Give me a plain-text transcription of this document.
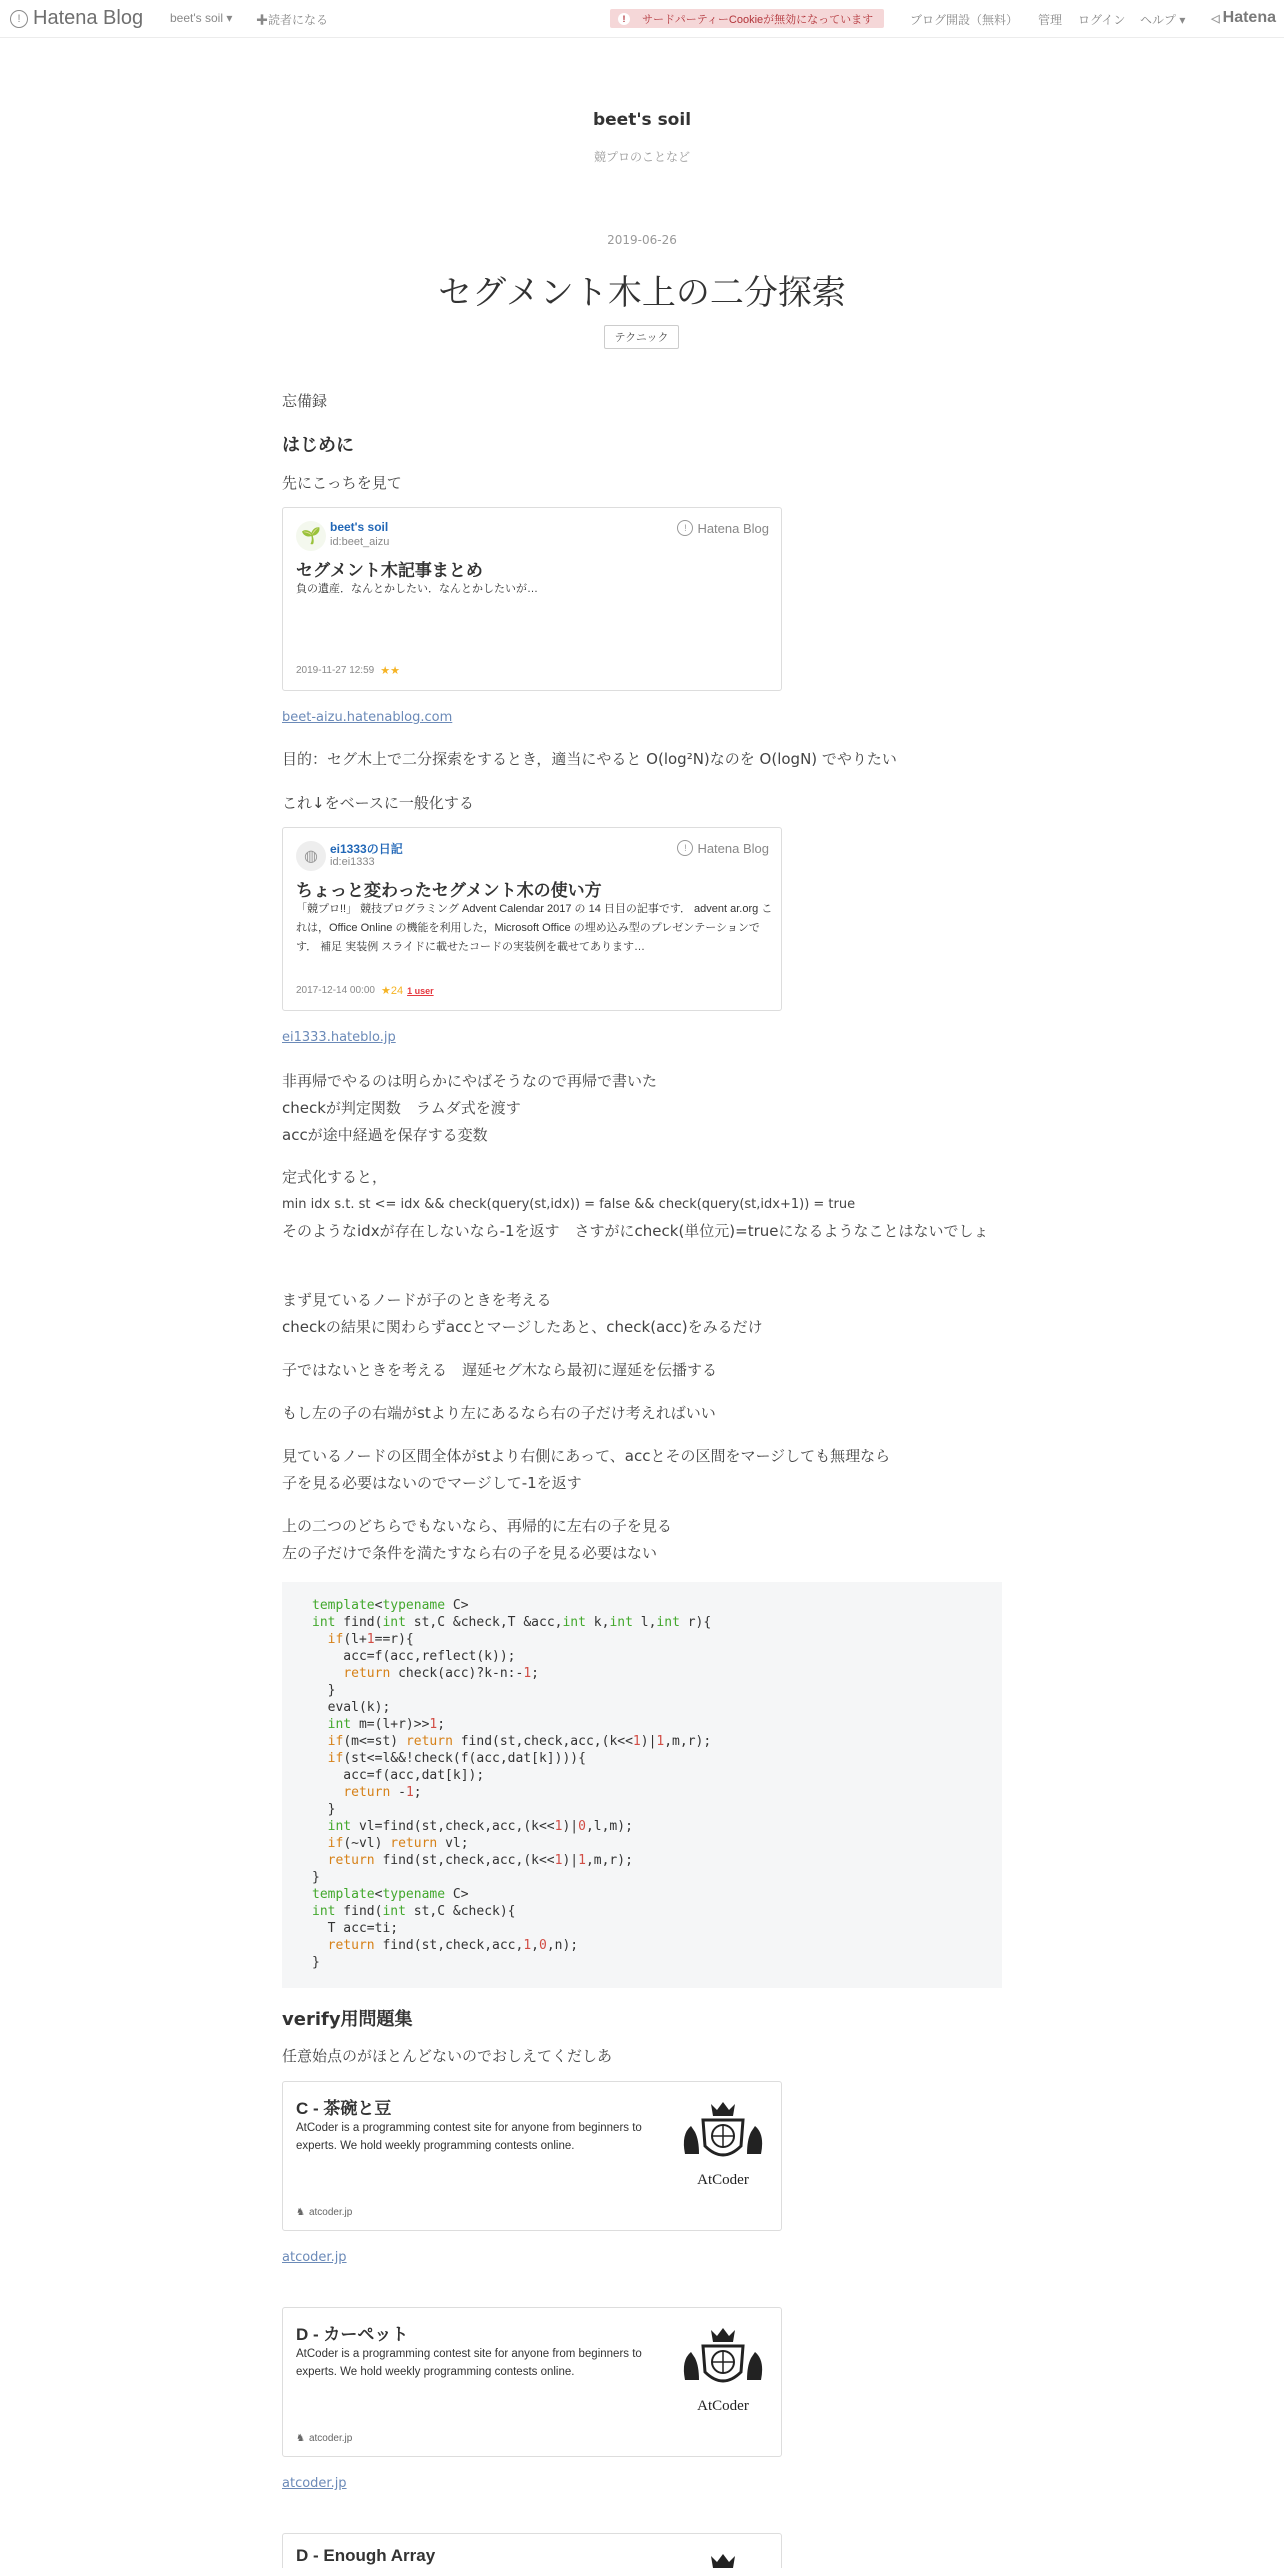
! Hatena Blog beet's soil ▾ ✚読者になる	!	サードパーティーCookieが無効になっています	ブログ開設（無料） 管理 ログイン ヘルプ ▾ ◁ Hatena
beet's soil
競プロのことなど
2019-06-26
セグメント木上の二分探索
テクニック
忘備録
はじめに
先にこっちを見て
🌱
beet's soil
id:beet_aizu
! Hatena Blog
セグメント木記事まとめ
負の遺産．なんとかしたい．なんとかしたいが…
2019-11-27 12:59 ★★
beet-aizu.hatenablog.com
目的：セグ木上で二分探索をするとき，適当にやると O(log²N)なのを O(logN) でやりたい
これ↓をベースに一般化する
◍	ei1333の日記
id:ei1333
! Hatena Blog
ちょっと変わったセグメント木の使い方
「競プロ!!」 競技プログラミング Advent Calendar 2017 の 14 日目の記事です． advent ar.org これは，Office Online の機能を利用した，Microsoft Office の埋め込み型のプレゼンテーションです． 補足 実装例 スライドに載せたコードの実装例を載せてあります…
2017-12-14 00:00 ★24 1 user
ei1333.hateblo.jp
非再帰でやるのは明らかにやばそうなので再帰で書いた
checkが判定関数　ラムダ式を渡す
accが途中経過を保存する変数
定式化すると，
min idx s.t. st <= idx && check(query(st,idx)) = false && check(query(st,idx+1)) = true
そのようなidxが存在しないなら-1を返す　さすがにcheck(単位元)=trueになるようなことはないでしょ
まず見ているノードが子のときを考える
checkの結果に関わらずaccとマージしたあと、check(acc)をみるだけ
子ではないときを考える　遅延セグ木なら最初に遅延を伝播する
もし左の子の右端がstより左にあるなら右の子だけ考えればいい
見ているノードの区間全体がstより右側にあって、accとその区間をマージしても無理なら
子を見る必要はないのでマージして-1を返す
上の二つのどちらでもないなら、再帰的に左右の子を見る
左の子だけで条件を満たすなら右の子を見る必要はない
template<typename C>
int find(int st,C &check,T &acc,int k,int l,int r){
if(l+1==r){
acc=f(acc,reflect(k));
return check(acc)?k-n:-1;
}
eval(k);
int m=(l+r)>>1;
if(m<=st) return find(st,check,acc,(k<<1)|1,m,r);
if(st<=l&&!check(f(acc,dat[k]))){
acc=f(acc,dat[k]);
return -1;
}
int vl=find(st,check,acc,(k<<1)|0,l,m);
if(~vl) return vl;
return find(st,check,acc,(k<<1)|1,m,r);
}
template<typename C>
int find(int st,C &check){
T acc=ti;
return find(st,check,acc,1,0,n);
}
verify用問題集
任意始点のがほとんどないのでおしえてくだしあ
C - 茶碗と豆
AtCoder is a programming contest site for anyone from beginners to experts. We hold weekly programming contests online.
♞ atcoder.jp
AtCoder
atcoder.jp
D - カーペット
AtCoder is a programming contest site for anyone from beginners to experts. We hold weekly programming contests online.
♞ atcoder.jp
AtCoder
atcoder.jp
D - Enough Array
